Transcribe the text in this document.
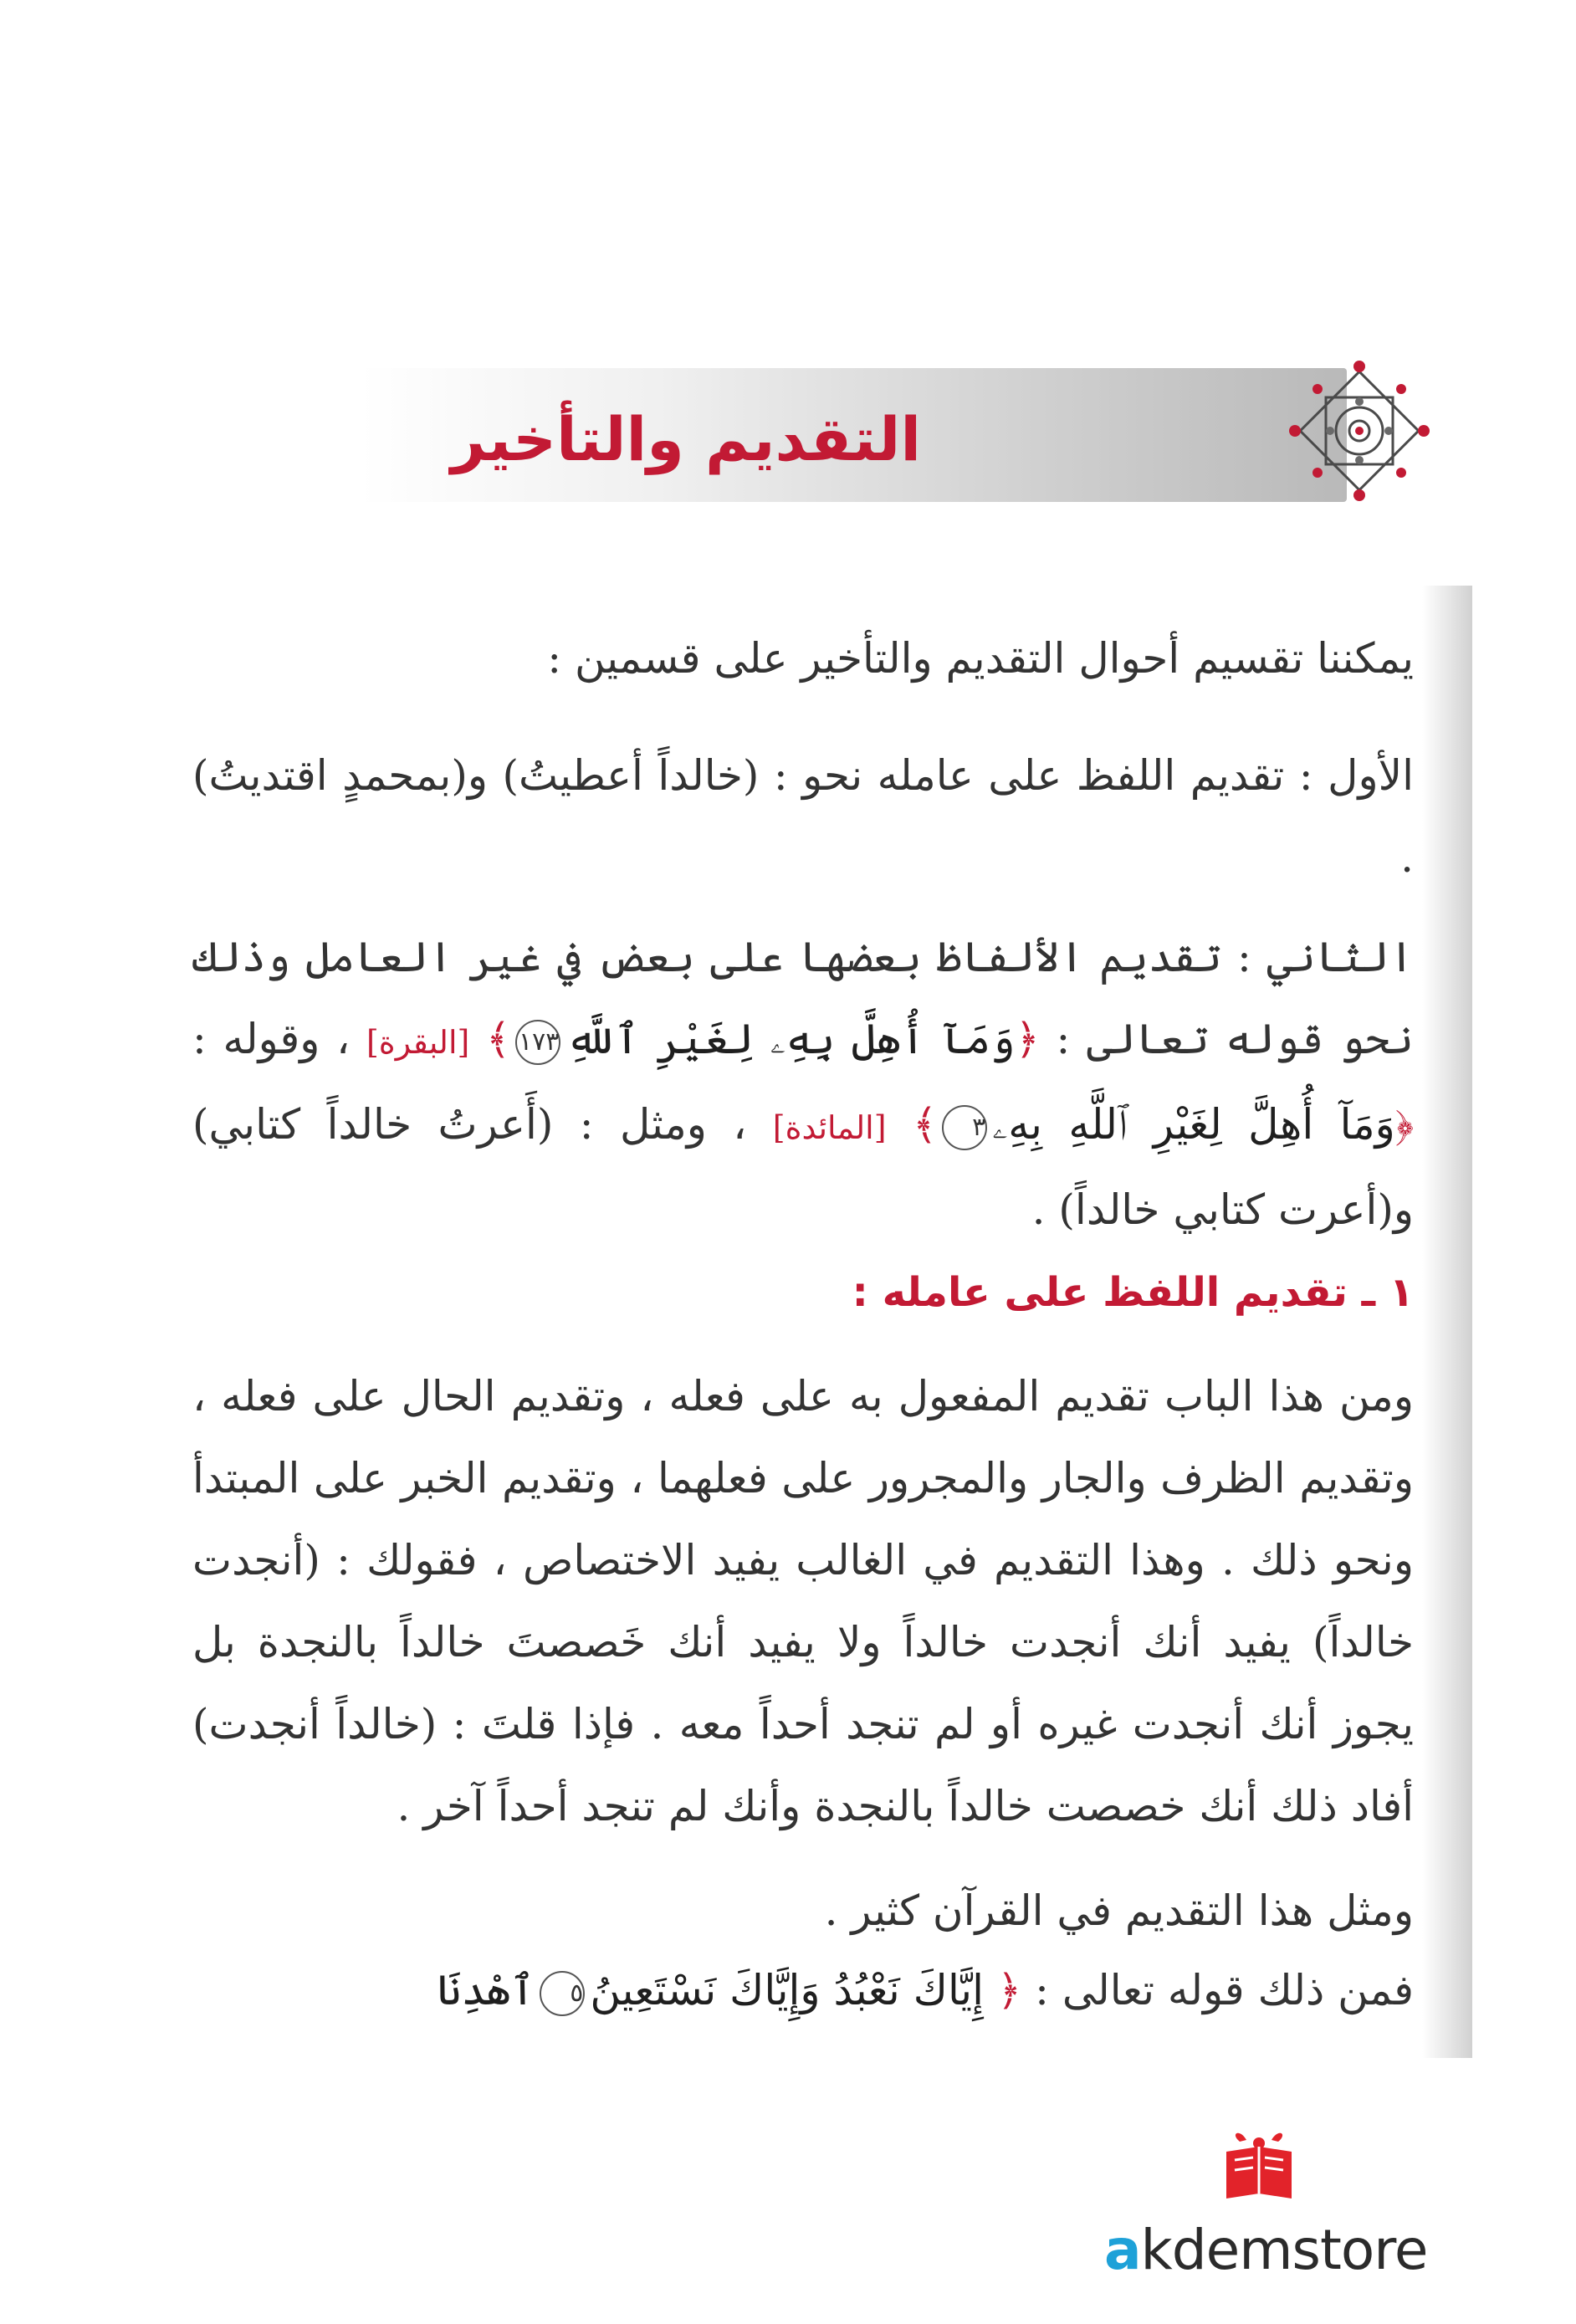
التقديم والتأخير
يمكننا تقسيم أحوال التقديم والتأخير على قسمين :
الأول : تقديم اللفظ على عامله نحو : (خالداً أعطيتُ) و(بمحمدٍ اقتديتُ) .
الثاني : تقديم الألفاظ بعضها على بعض في غير العامل وذلك نحو قوله تعالى : ﴿وَمَآ أُهِلَّ بِهِۦ لِغَيْرِ ٱللَّهِ١٧٣﴾ [البقرة] ، وقوله : ﴿وَمَآ أُهِلَّ لِغَيْرِ ٱللَّهِ بِهِۦ٣﴾ [المائدة] ، ومثل : (أَعرتُ خالداً كتابي) و(أعرت كتابي خالداً) .
١ ـ تقديم اللفظ على عامله :
ومن هذا الباب تقديم المفعول به على فعله ، وتقديم الحال على فعله ، وتقديم الظرف والجار والمجرور على فعلهما ، وتقديم الخبر على المبتدأ ونحو ذلك . وهذا التقديم في الغالب يفيد الاختصاص ، فقولك : (أنجدت خالداً) يفيد أنك أنجدت خالداً ولا يفيد أنك خَصصتَ خالداً بالنجدة بل يجوز أنك أنجدت غيره أو لم تنجد أحداً معه . فإذا قلتَ : (خالداً أنجدت) أفاد ذلك أنك خصصت خالداً بالنجدة وأنك لم تنجد أحداً آخر .
ومثل هذا التقديم في القرآن كثير .
فمن ذلك قوله تعالى : ﴿ إِيَّاكَ نَعْبُدُ وَإِيَّاكَ نَسْتَعِينُ٥ٱهْدِنَا
akdemstore
